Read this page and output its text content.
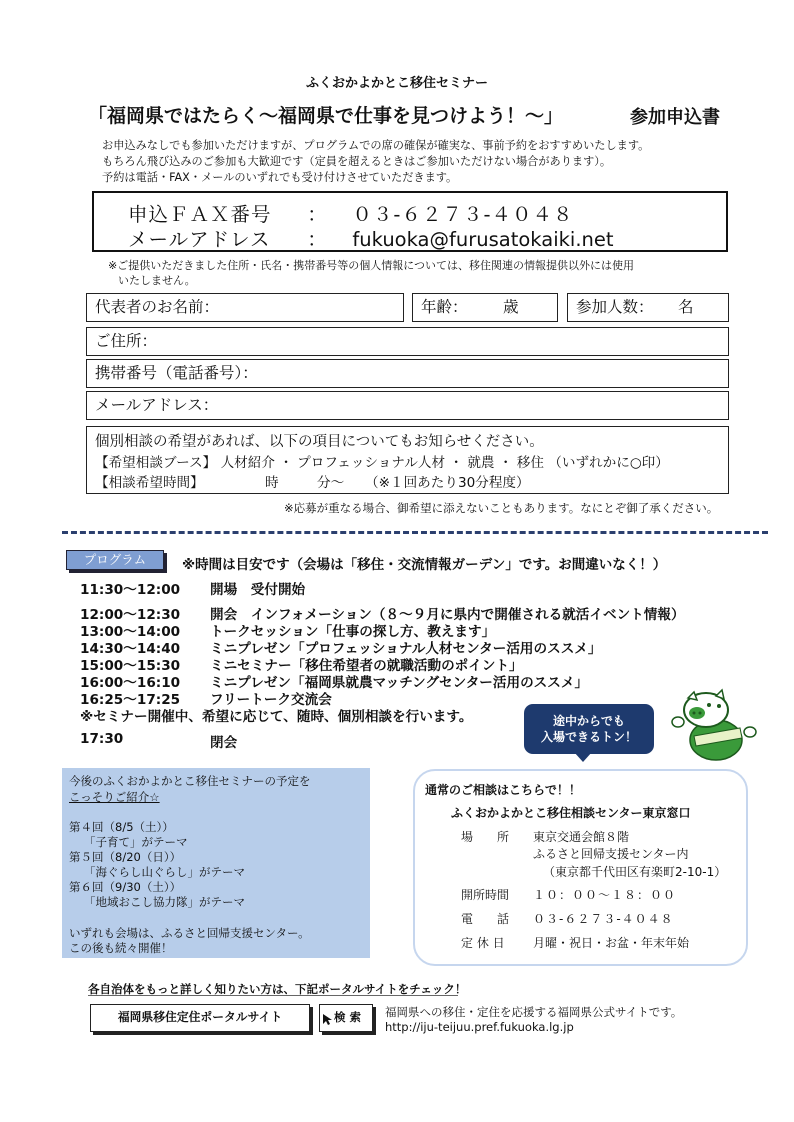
ふくおかよかとこ移住セミナー
「福岡県ではたらく～福岡県で仕事を見つけよう！～」	参加申込書
お申込みなしでも参加いただけますが、プログラムでの席の確保が確実な、事前予約をおすすめいたします。
もちろん飛び込みのご参加も大歓迎です（定員を超えるときはご参加いただけない場合があります）。
予約は電話・FAX・メールのいずれでも受け付けさせていただきます。
申込ＦＡＸ番号 ： ０３-６２７３-４０４８
メールアドレス ： fukuoka@furusatokaiki.net
※ご提供いただきました住所・氏名・携帯番号等の個人情報については、移住関連の情報提供以外には使用
いたしません。
代表者のお名前：	年齢： 歳	参加人数： 名
ご住所：
携帯番号（電話番号）：
メールアドレス：
個別相談の希望があれば、以下の項目についてもお知らせください。
【希望相談ブース】 人材紹介 ・ プロフェッショナル人材 ・ 就農 ・ 移住 （いずれかに○印）
【相談希望時間】	時	分～ （※１回あたり30分程度）
※応募が重なる場合、御希望に添えないこともあります。なにとぞ御了承ください。
プログラム	※時間は目安です（会場は「移住・交流情報ガーデン」です。お間違いなく！）
11:30～12:00 開場　受付開始
12:00～12:30 開会　インフォメーション（８～９月に県内で開催される就活イベント情報）
13:00～14:00 トークセッション「仕事の探し方、教えます」
14:30～14:40 ミニプレゼン「プロフェッショナル人材センター活用のススメ」
15:00～15:30 ミニセミナー「移住希望者の就職活動のポイント」
16:00～16:10 ミニプレゼン「福岡県就農マッチングセンター活用のススメ」
16:25～17:25 フリートーク交流会
※セミナー開催中、希望に応じて、随時、個別相談を行います。
17:30	閉会
途中からでも
入場できるトン！
今後のふくおかよかとこ移住セミナーの予定を
こっそりご紹介☆
第４回（8/5（土））
「子育て」がテーマ
第５回（8/20（日））
「海ぐらし山ぐらし」がテーマ
第６回（9/30（土））
「地域おこし協力隊」がテーマ
いずれも会場は、ふるさと回帰支援センター。
この後も続々開催！
通常のご相談はこちらで！！
ふくおかよかとこ移住相談センター東京窓口
場　　所 東京交通会館８階
ふるさと回帰支援センター内
（東京都千代田区有楽町2-10-1）
開所時間 １０：００～１８：００
電　　話 ０３-６２７３-４０４８
定 休 日 月曜・祝日・お盆・年末年始
各自治体をもっと詳しく知りたい方は、下記ポータルサイトをチェック！
福岡県移住定住ポータルサイト	検 索	福岡県への移住・定住を応援する福岡県公式サイトです。
http://iju-teijuu.pref.fukuoka.lg.jp
